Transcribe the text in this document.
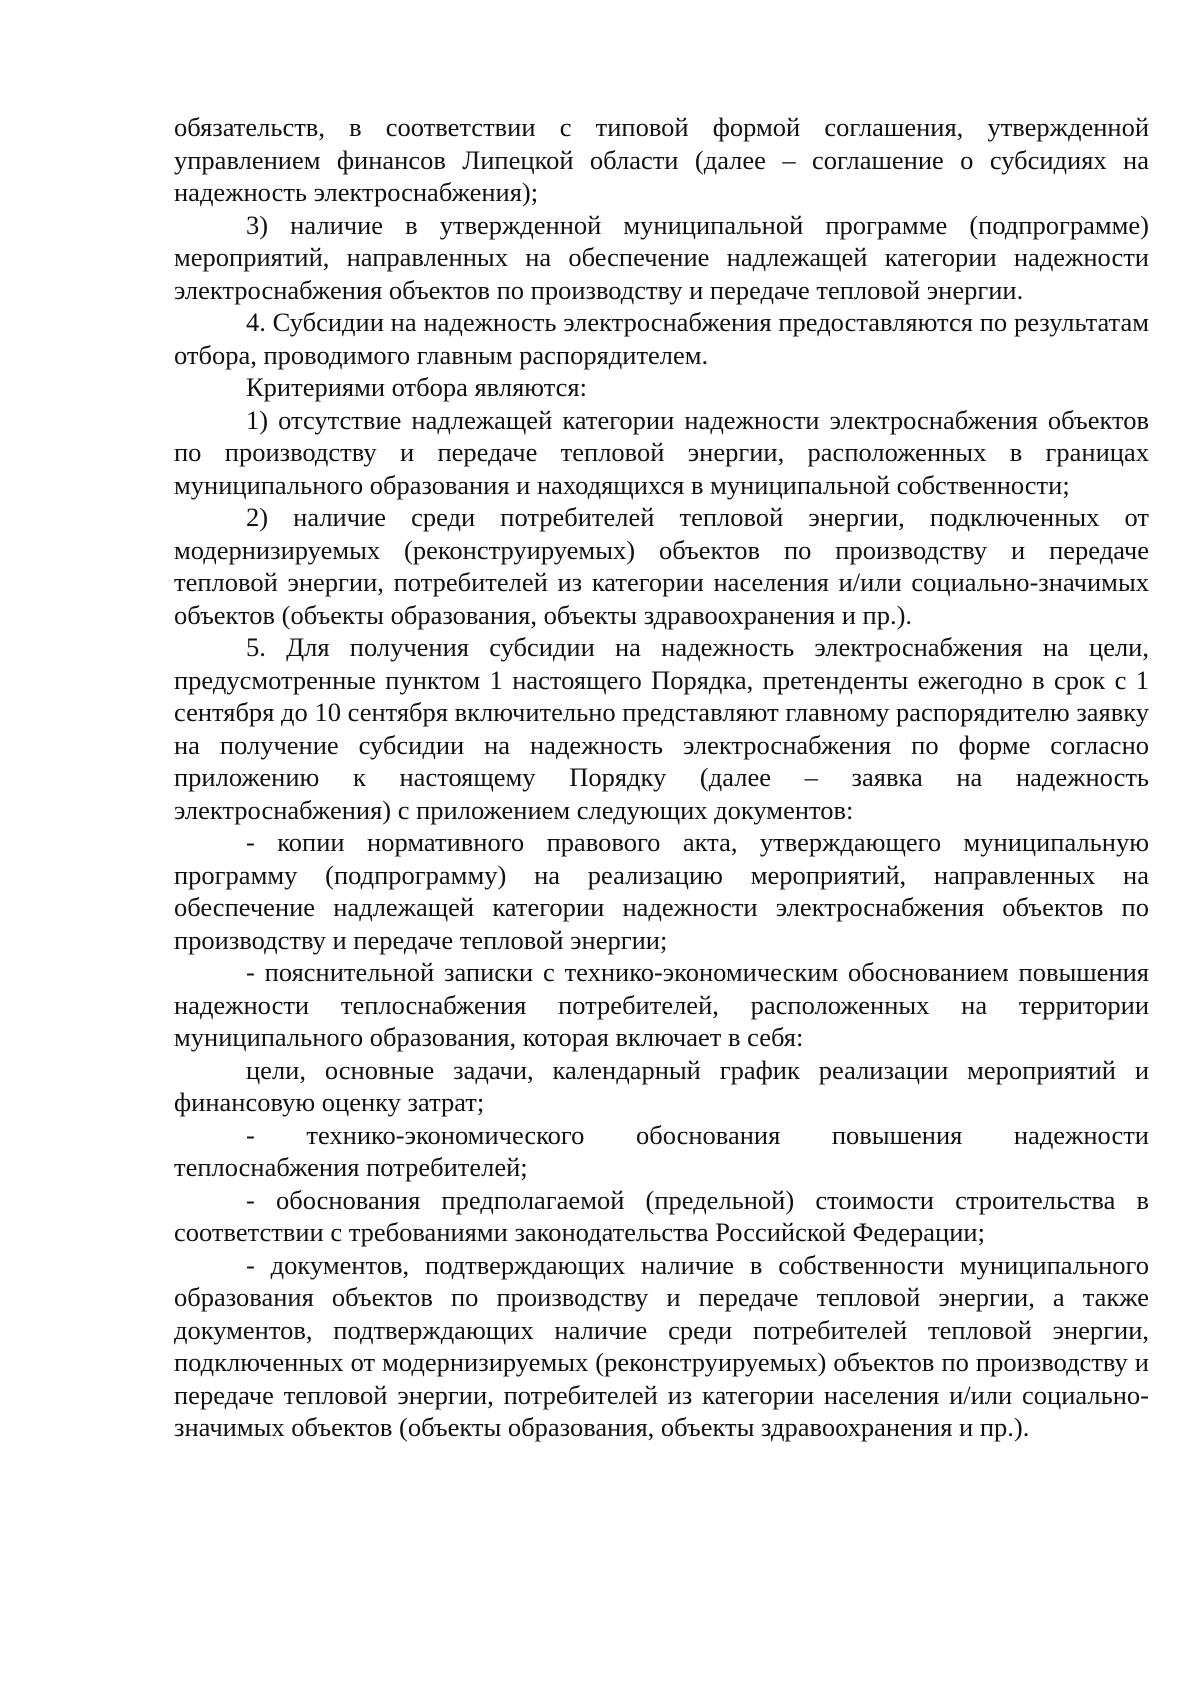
обязательств, в соответствии с типовой формой соглашения, утвержденной управлением финансов Липецкой области (далее – соглашение о субсидиях на надежность электроснабжения);

3) наличие в утвержденной муниципальной программе (подпрограмме) мероприятий, направленных на обеспечение надлежащей категории надежности электроснабжения объектов по производству и передаче тепловой энергии.

4. Субсидии на надежность электроснабжения предоставляются по результатам отбора, проводимого главным распорядителем.

Критериями отбора являются:

1) отсутствие надлежащей категории надежности электроснабжения объектов по производству и передаче тепловой энергии, расположенных в границах муниципального образования и находящихся в муниципальной собственности;

2) наличие среди потребителей тепловой энергии, подключенных от модернизируемых (реконструируемых) объектов по производству и передаче тепловой энергии, потребителей из категории населения и/или социально-значимых объектов (объекты образования, объекты здравоохранения и пр.).

5. Для получения субсидии на надежность электроснабжения на цели, предусмотренные пунктом 1 настоящего Порядка, претенденты ежегодно в срок с 1 сентября до 10 сентября включительно представляют главному распорядителю заявку на получение субсидии на надежность электроснабжения по форме согласно приложению к настоящему Порядку (далее – заявка на надежность электроснабжения) с приложением следующих документов:

- копии нормативного правового акта, утверждающего муниципальную программу (подпрограмму) на реализацию мероприятий, направленных на обеспечение надлежащей категории надежности электроснабжения объектов по производству и передаче тепловой энергии;

- пояснительной записки с технико-экономическим обоснованием повышения надежности теплоснабжения потребителей, расположенных на территории муниципального образования, которая включает в себя:

цели, основные задачи, календарный график реализации мероприятий и финансовую оценку затрат;

- технико-экономического обоснования повышения надежности теплоснабжения потребителей;

- обоснования предполагаемой (предельной) стоимости строительства в соответствии с требованиями законодательства Российской Федерации;

- документов, подтверждающих наличие в собственности муниципального образования объектов по производству и передаче тепловой энергии, а также документов, подтверждающих наличие среди потребителей тепловой энергии, подключенных от модернизируемых (реконструируемых) объектов по производству и передаче тепловой энергии, потребителей из категории населения и/или социально-значимых объектов (объекты образования, объекты здравоохранения и пр.).
